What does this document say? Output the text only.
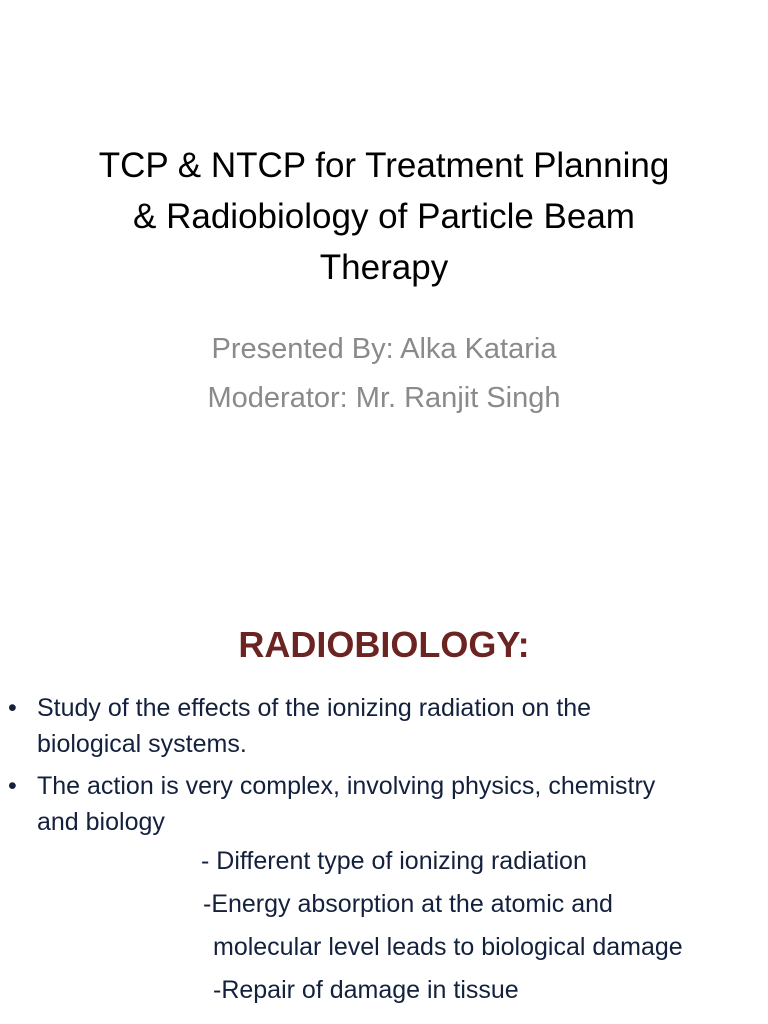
TCP & NTCP for Treatment Planning
& Radiobiology of Particle Beam
Therapy

Presented By: Alka Kataria

Moderator: Mr. Ranjit Singh

RADIOBIOLOGY:
• Study of the effects of the ionizing radiation on the
biological systems.
• The action is very complex, involving physics, chemistry
and biology

- Different type of ionizing radiation

-Energy absorption at the atomic and

molecular level leads to biological damage

-Repair of damage in tissue
